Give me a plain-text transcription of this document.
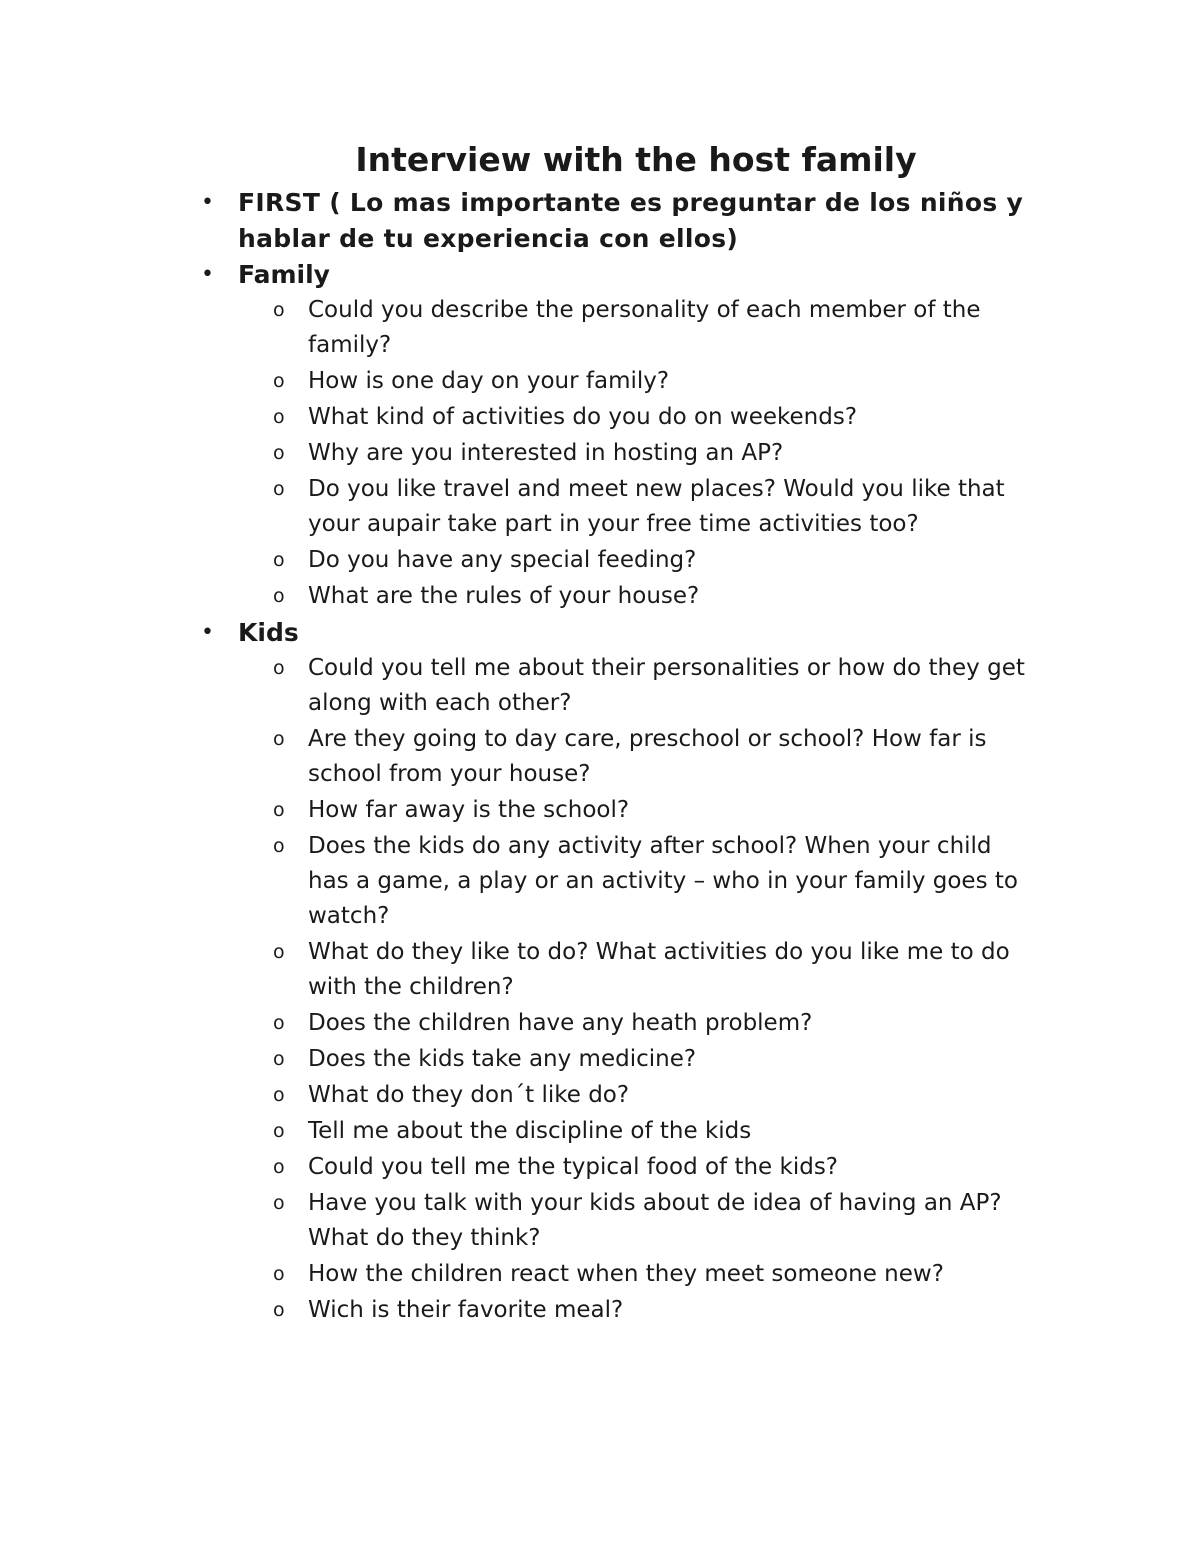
Interview with the host family
• FIRST ( Lo mas importante es preguntar de los niños y hablar de tu experiencia con ellos)
• Family
o Could you describe the personality of each member of the family?
o How is one day on your family?
o What kind of activities do you do on weekends?
o Why are you interested in hosting an AP?
o Do you like travel and meet new places? Would you like that your aupair take part in your free time activities too?
o Do you have any special feeding?
o What are the rules of your house?
• Kids
o Could you tell me about their personalities or how do they get along with each other?
o Are they going to day care, preschool or school? How far is school from your house?
o How far away is the school?
o Does the kids do any activity after school? When your child has a game, a play or an activity – who in your family goes to watch?
o What do they like to do? What activities do you like me to do with the children?
o Does the children have any heath problem?
o Does the kids take any medicine?
o What do they don´t like do?
o Tell me about the discipline of the kids
o Could you tell me the typical food of the kids?
o Have you talk with your kids about de idea of having an AP? What do they think?
o How the children react when they meet someone new?
o Wich is their favorite meal?
